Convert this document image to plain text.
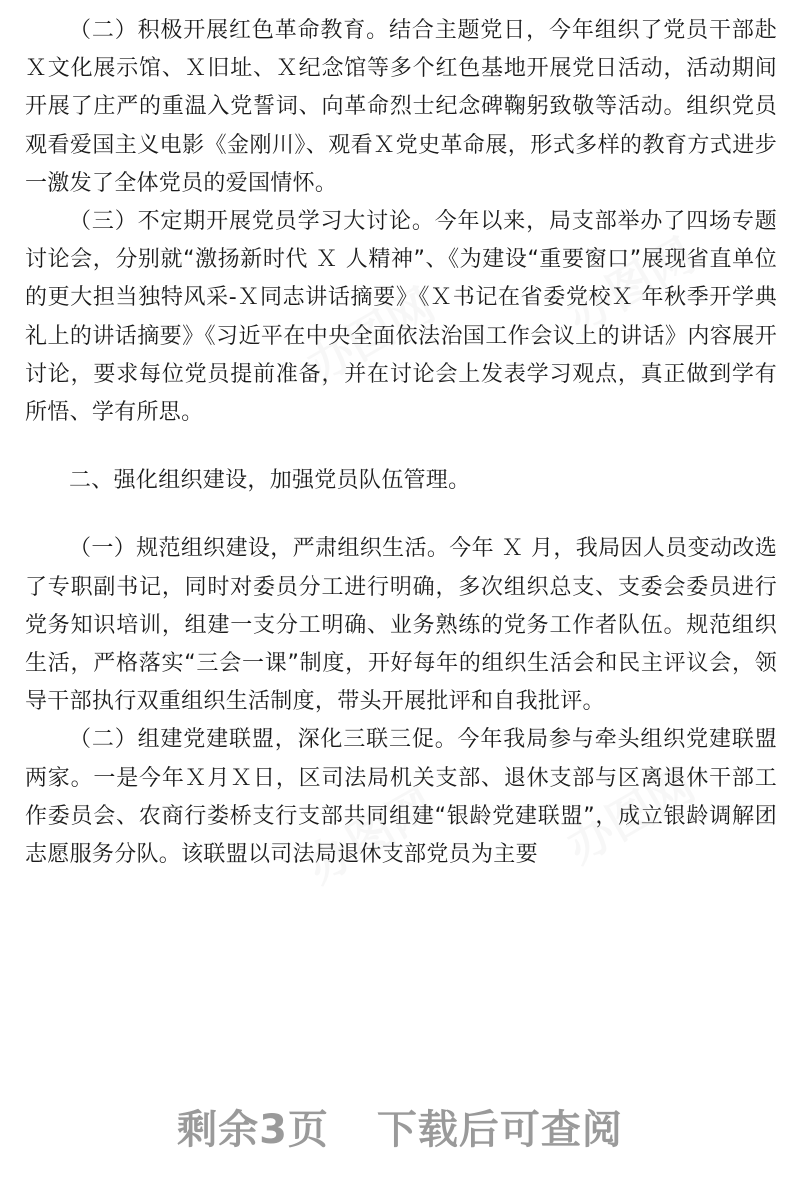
（二）积极开展红色革命教育。结合主题党日，今年组织了党员干部赴Ｘ文化展示馆、Ｘ旧址、Ｘ纪念馆等多个红色基地开展党日活动，活动期间开展了庄严的重温入党誓词、向革命烈士纪念碑鞠躬致敬等活动。组织党员观看爱国主义电影《金刚川》、观看Ｘ党史革命展，形式多样的教育方式进步一激发了全体党员的爱国情怀。

（三）不定期开展党员学习大讨论。今年以来，局支部举办了四场专题讨论会，分别就“激扬新时代 Ｘ 人精神”、《为建设“重要窗口”展现省直单位的更大担当独特风采-Ｘ同志讲话摘要》《Ｘ书记在省委党校Ｘ 年秋季开学典礼上的讲话摘要》《习近平在中央全面依法治国工作会议上的讲话》内容展开讨论，要求每位党员提前准备，并在讨论会上发表学习观点，真正做到学有所悟、学有所思。

二、强化组织建设，加强党员队伍管理。

（一）规范组织建设，严肃组织生活。今年 Ｘ 月，我局因人员变动改选了专职副书记，同时对委员分工进行明确，多次组织总支、支委会委员进行党务知识培训，组建一支分工明确、业务熟练的党务工作者队伍。规范组织生活，严格落实“三会一课”制度，开好每年的组织生活会和民主评议会，领导干部执行双重组织生活制度，带头开展批评和自我批评。

（二）组建党建联盟，深化三联三促。今年我局参与牵头组织党建联盟两家。一是今年Ｘ月Ｘ日，区司法局机关支部、退休支部与区离退休干部工作委员会、农商行娄桥支行支部共同组建“银龄党建联盟”，成立银龄调解团志愿服务分队。该联盟以司法局退休支部党员为主要

办图网
办图网
办图网
办图网
剩余3页 下载后可查阅
